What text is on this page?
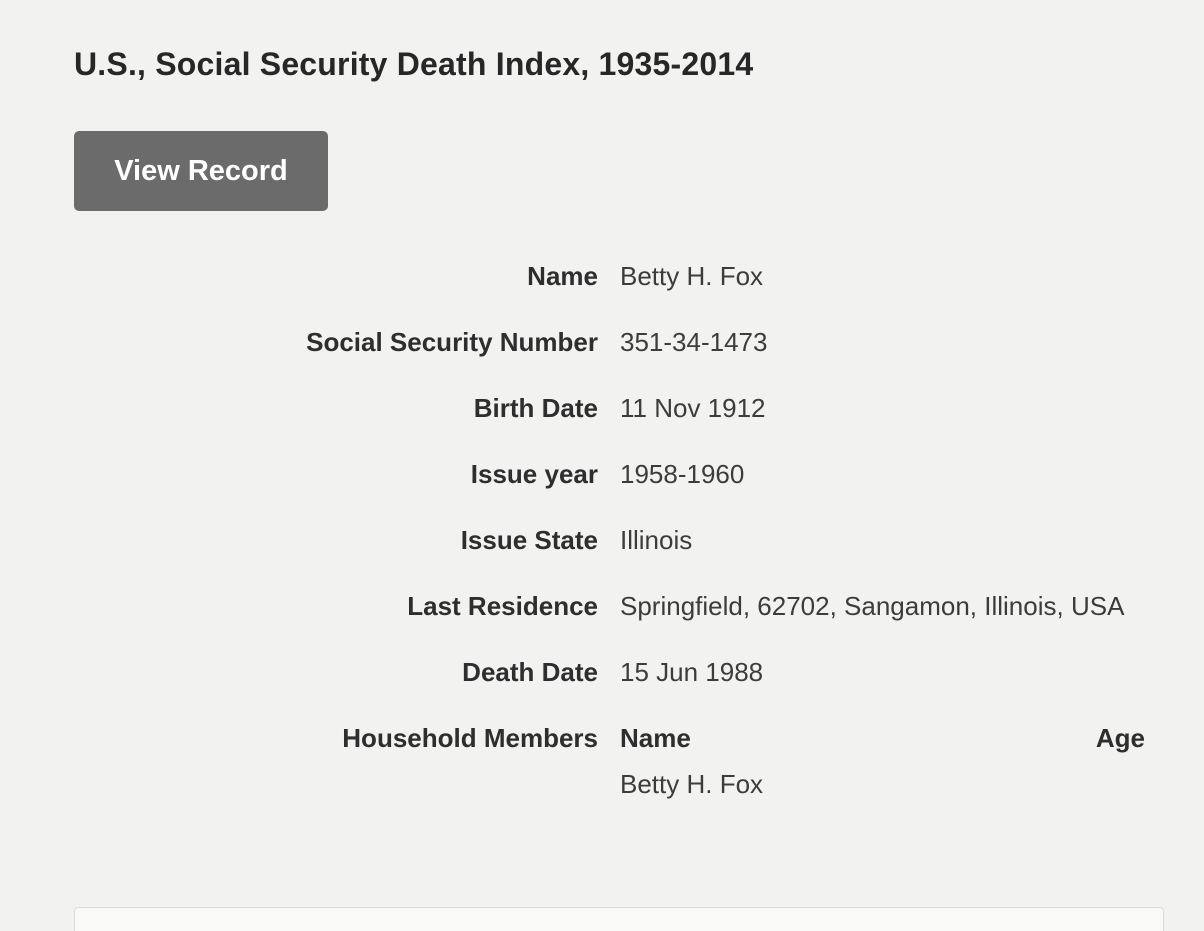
U.S., Social Security Death Index, 1935-2014
View Record
Name Betty H. Fox
Social Security Number 351-34-1473
Birth Date 11 Nov 1912
Issue year 1958-1960
Issue State Illinois
Last Residence Springfield, 62702, Sangamon, Illinois, USA
Death Date 15 Jun 1988
Household Members Name	Age
Betty H. Fox
